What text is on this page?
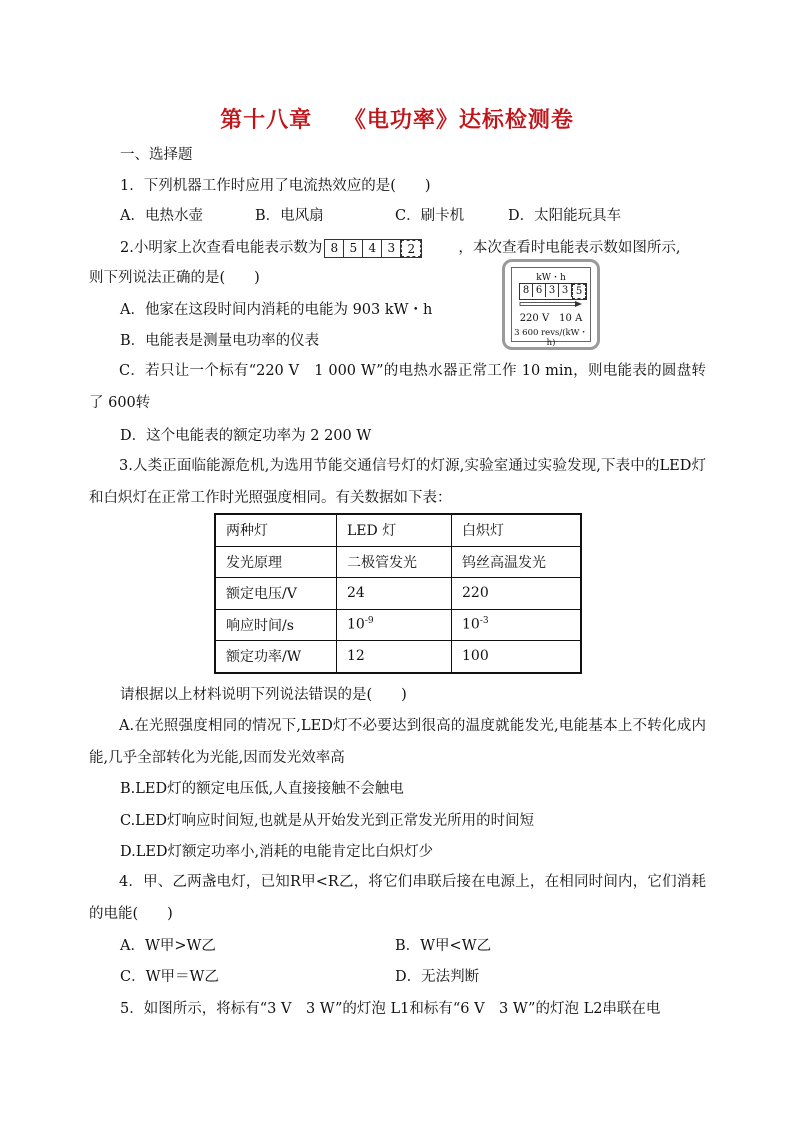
第十八章　 《电功率》达标检测卷
一、选择题
1．下列机器工作时应用了电流热效应的是(　　)
A．电热水壶	B．电风扇	C．刷卡机	D．太阳能玩具车
2.小明家上次查看电能表示数为 8 5 4 3	2	，本次查看时电能表示数如图所示,
则下列说法正确的是(　　)	kW・h
8 6 3 3 5
220 V　10 A
3 600 revs/(kW・h)
A．他家在这段时间内消耗的电能为 903 kW・h
B．电能表是测量电功率的仪表
C．若只让一个标有“220 V　1 000 W”的电热水器正常工作 10 min，则电能表的圆盘转了 600转
D．这个电能表的额定功率为 2 200 W
3.人类正面临能源危机,为选用节能交通信号灯的灯源,实验室通过实验发现,下表中的LED灯和白炽灯在正常工作时光照强度相同。有关数据如下表：
两种灯	LED 灯	白炽灯
发光原理	二极管发光	钨丝高温发光
额定电压/V	24	220
响应时间/s	$10^{-9}$	$10^{-3}$
额定功率/W	12	100
请根据以上材料说明下列说法错误的是(　　)
A.在光照强度相同的情况下,LED灯不必要达到很高的温度就能发光,电能基本上不转化成内能,几乎全部转化为光能,因而发光效率高
B.LED灯的额定电压低,人直接接触不会触电
C.LED灯响应时间短,也就是从开始发光到正常发光所用的时间短
D.LED灯额定功率小,消耗的电能肯定比白炽灯少
4．甲、乙两盏电灯，已知R甲<R乙，将它们串联后接在电源上，在相同时间内，它们消耗的电能(　　)
A．W甲>W乙	B．W甲<W乙
C．W甲＝W乙	D．无法判断
5．如图所示，将标有“3 V　3 W”的灯泡 L1和标有“6 V　3 W”的灯泡 L2串联在电
